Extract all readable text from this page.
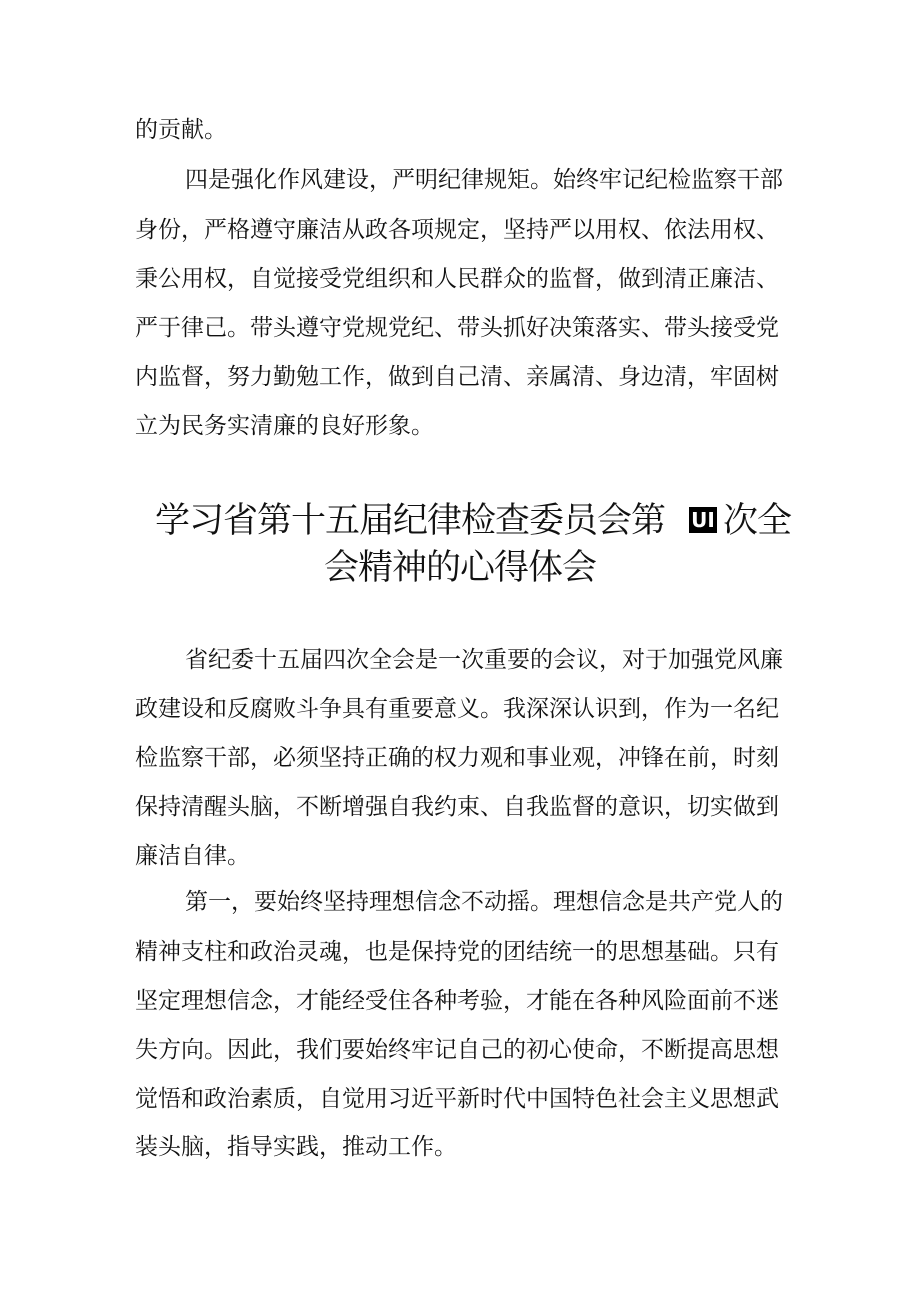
的贡献。
四是强化作风建设，严明纪律规矩。始终牢记纪检监察干部
身份，严格遵守廉洁从政各项规定，坚持严以用权、依法用权、
秉公用权，自觉接受党组织和人民群众的监督，做到清正廉洁、
严于律己。带头遵守党规党纪、带头抓好决策落实、带头接受党
内监督，努力勤勉工作，做到自己清、亲属清、身边清，牢固树
立为民务实清廉的良好形象。
学习省第十五届纪律检查委员会第 UI 次全
会精神的心得体会
省纪委十五届四次全会是一次重要的会议，对于加强党风廉
政建设和反腐败斗争具有重要意义。我深深认识到，作为一名纪
检监察干部，必须坚持正确的权力观和事业观，冲锋在前，时刻
保持清醒头脑，不断增强自我约束、自我监督的意识，切实做到
廉洁自律。
第一，要始终坚持理想信念不动摇。理想信念是共产党人的
精神支柱和政治灵魂，也是保持党的团结统一的思想基础。只有
坚定理想信念，才能经受住各种考验，才能在各种风险面前不迷
失方向。因此，我们要始终牢记自己的初心使命，不断提高思想
觉悟和政治素质，自觉用习近平新时代中国特色社会主义思想武
装头脑，指导实践，推动工作。
